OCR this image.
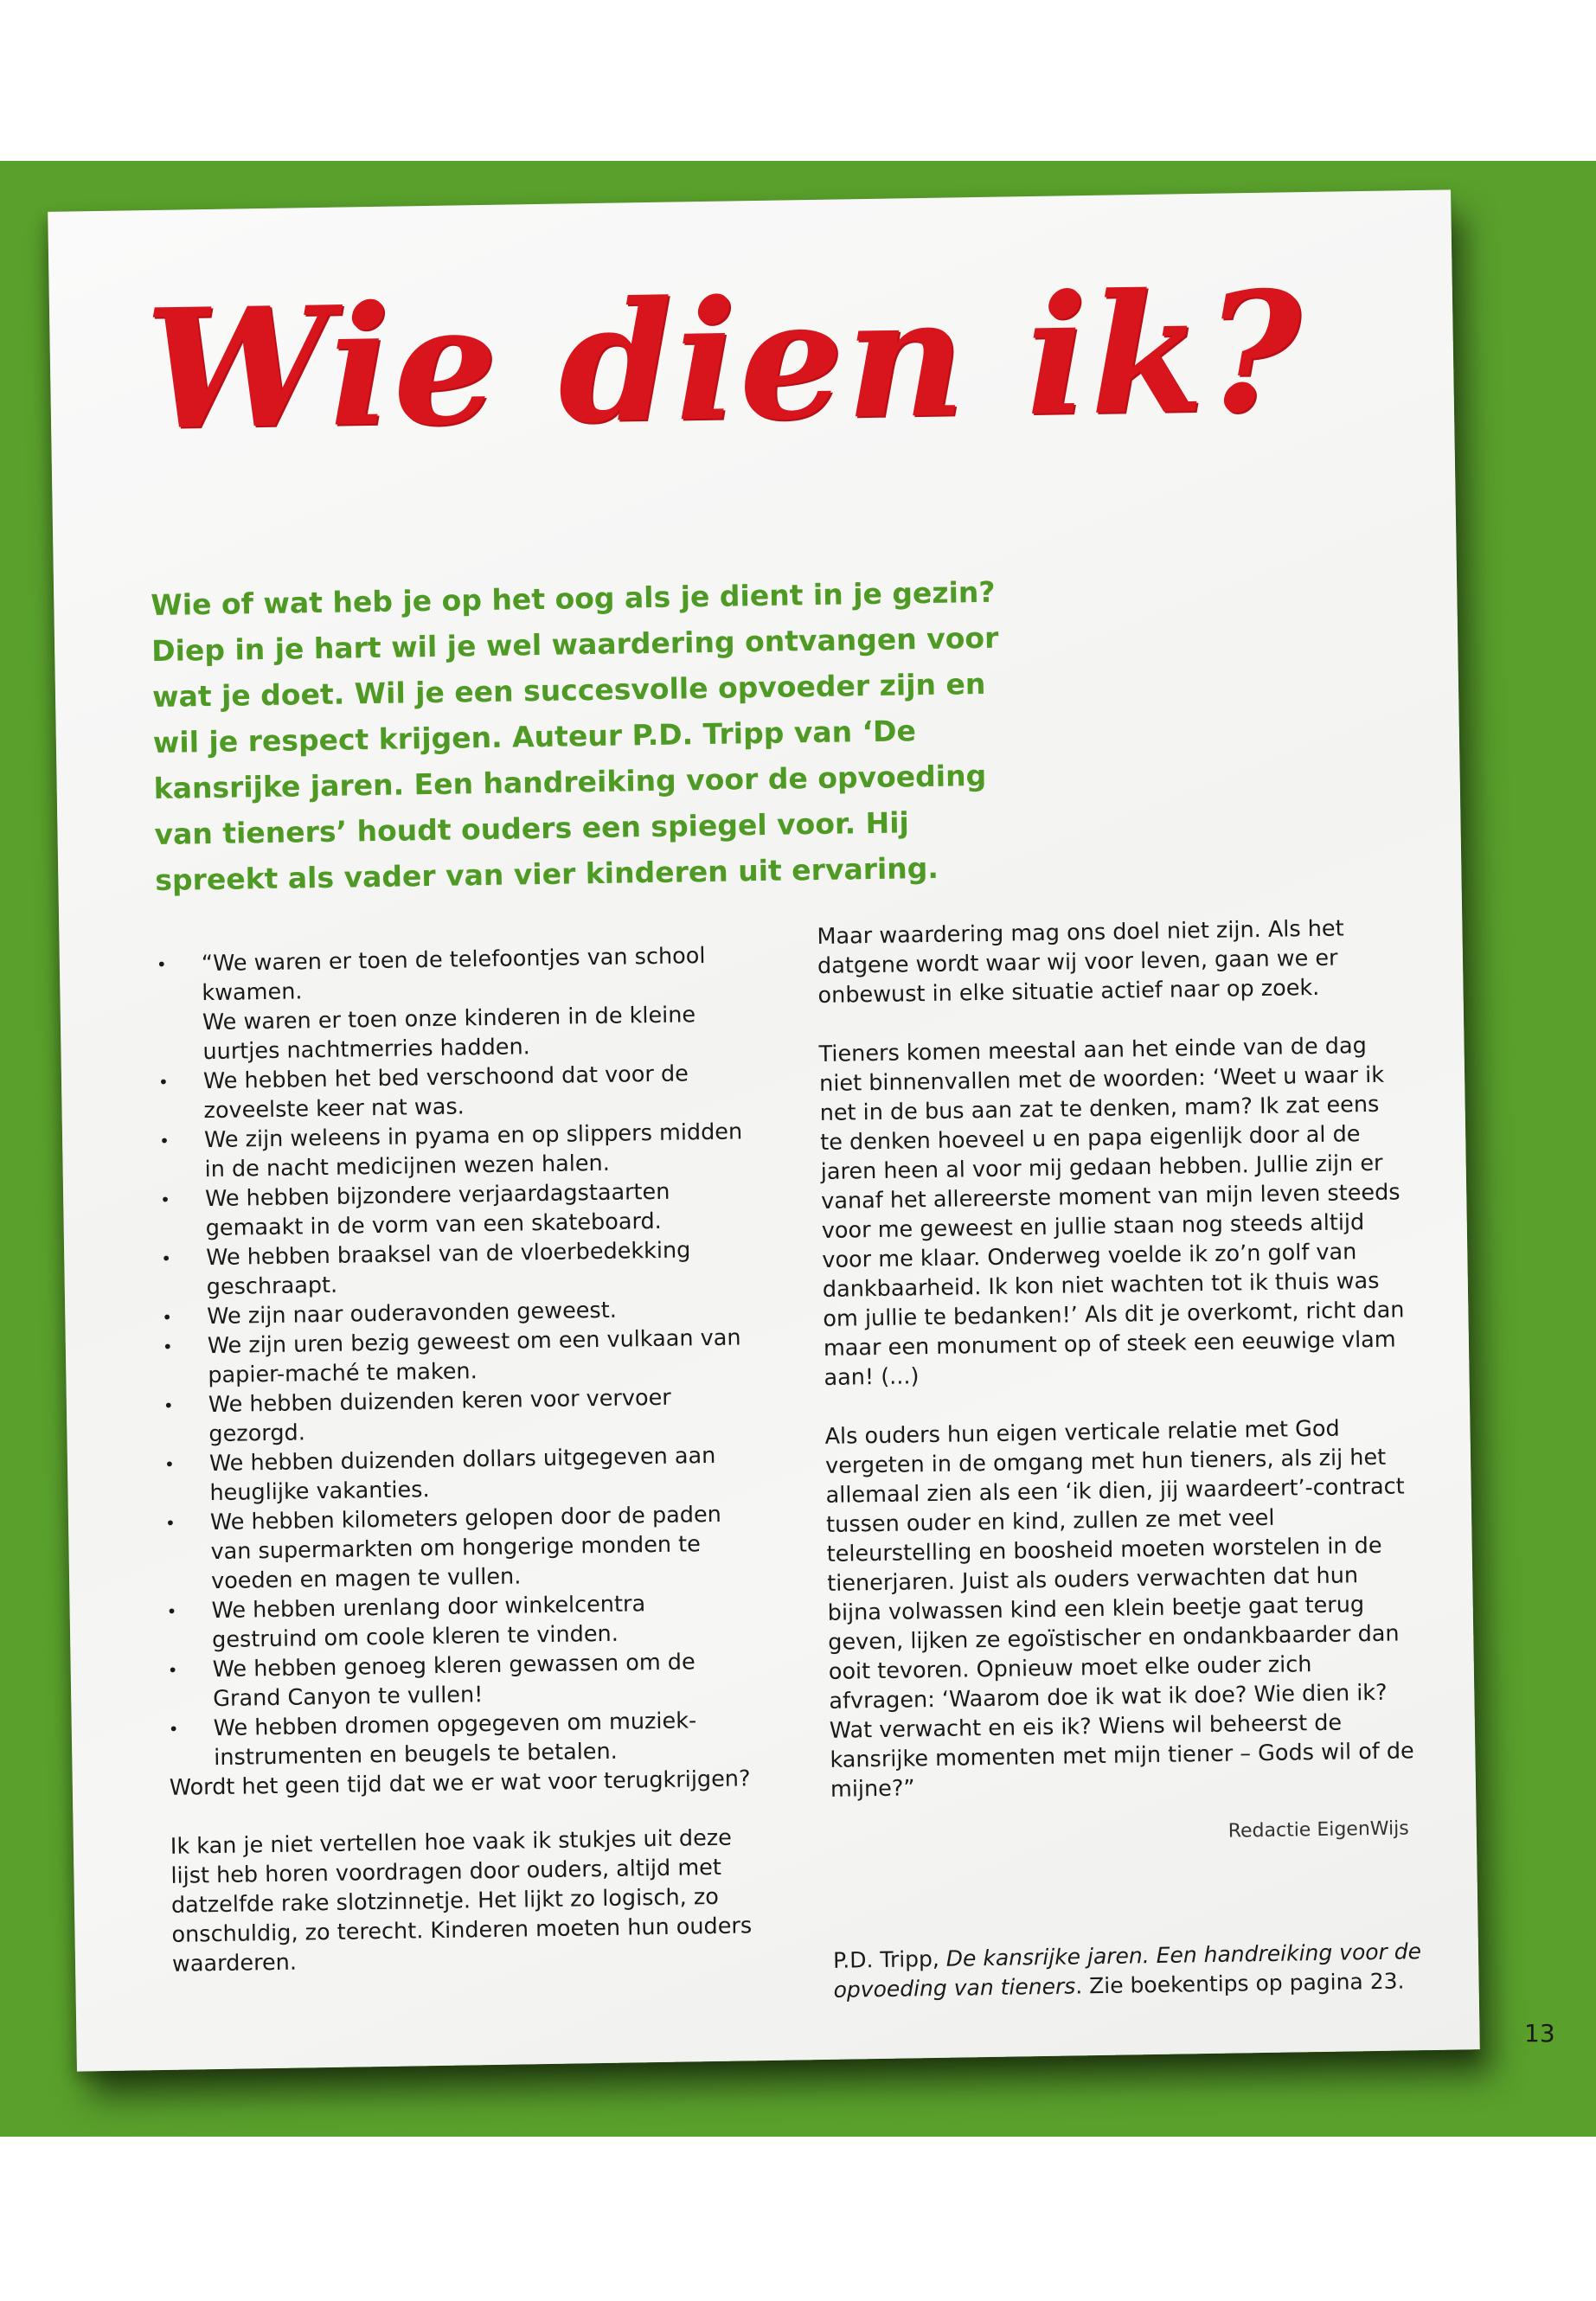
Wie dien ik?

Wie of wat heb je op het oog als je dient in je gezin? Diep in je hart wil je wel waardering ontvangen voor wat je doet. Wil je een succesvolle opvoeder zijn en wil je respect krijgen. Auteur P.D. Tripp van ‘De kansrijke jaren. Een handreiking voor de opvoeding van tieners’ houdt ouders een spiegel voor. Hij spreekt als vader van vier kinderen uit ervaring.

• “We waren er toen de telefoontjes van school kwamen.

We waren er toen onze kinderen in de kleine uurtjes nachtmerries hadden.

• We hebben het bed verschoond dat voor de zoveelste keer nat was.
• We zijn weleens in pyama en op slippers midden in de nacht medicijnen wezen halen.
• We hebben bijzondere verjaardagstaarten gemaakt in de vorm van een skateboard.
• We hebben braaksel van de vloerbedekking geschraapt.
• We zijn naar ouderavonden geweest.
• We zijn uren bezig geweest om een vulkaan van papier-maché te maken.
• We hebben duizenden keren voor vervoer gezorgd.
• We hebben duizenden dollars uitgegeven aan heuglijke vakanties.
• We hebben kilometers gelopen door de paden van supermarkten om hongerige monden te voeden en magen te vullen.
• We hebben urenlang door winkelcentra gestruind om coole kleren te vinden.
• We hebben genoeg kleren gewassen om de Grand Canyon te vullen!
• We hebben dromen opgegeven om muziek-instrumenten en beugels te betalen.

Wordt het geen tijd dat we er wat voor terugkrijgen?

Ik kan je niet vertellen hoe vaak ik stukjes uit deze lijst heb horen voordragen door ouders, altijd met datzelfde rake slotzinnetje. Het lijkt zo logisch, zo onschuldig, zo terecht. Kinderen moeten hun ouders waarderen.

Maar waardering mag ons doel niet zijn. Als het datgene wordt waar wij voor leven, gaan we er onbewust in elke situatie actief naar op zoek.

Tieners komen meestal aan het einde van de dag niet binnenvallen met de woorden: ‘Weet u waar ik net in de bus aan zat te denken, mam? Ik zat eens te denken hoeveel u en papa eigenlijk door al de jaren heen al voor mij gedaan hebben. Jullie zijn er vanaf het allereerste moment van mijn leven steeds voor me geweest en jullie staan nog steeds altijd voor me klaar. Onderweg voelde ik zo’n golf van dankbaarheid. Ik kon niet wachten tot ik thuis was om jullie te bedanken!’ Als dit je overkomt, richt dan maar een monument op of steek een eeuwige vlam aan! (...)

Als ouders hun eigen verticale relatie met God vergeten in de omgang met hun tieners, als zij het allemaal zien als een ‘ik dien, jij waardeert’-contract tussen ouder en kind, zullen ze met veel teleurstelling en boosheid moeten worstelen in de tienerjaren. Juist als ouders verwachten dat hun bijna volwassen kind een klein beetje gaat terug geven, lijken ze egoïstischer en ondankbaarder dan ooit tevoren. Opnieuw moet elke ouder zich afvragen: ‘Waarom doe ik wat ik doe? Wie dien ik? Wat verwacht en eis ik? Wiens wil beheerst de kansrijke momenten met mijn tiener – Gods wil of de mijne?”

Redactie EigenWijs

P.D. Tripp, De kansrijke jaren. Een handreiking voor de opvoeding van tieners. Zie boekentips op pagina 23.

13
